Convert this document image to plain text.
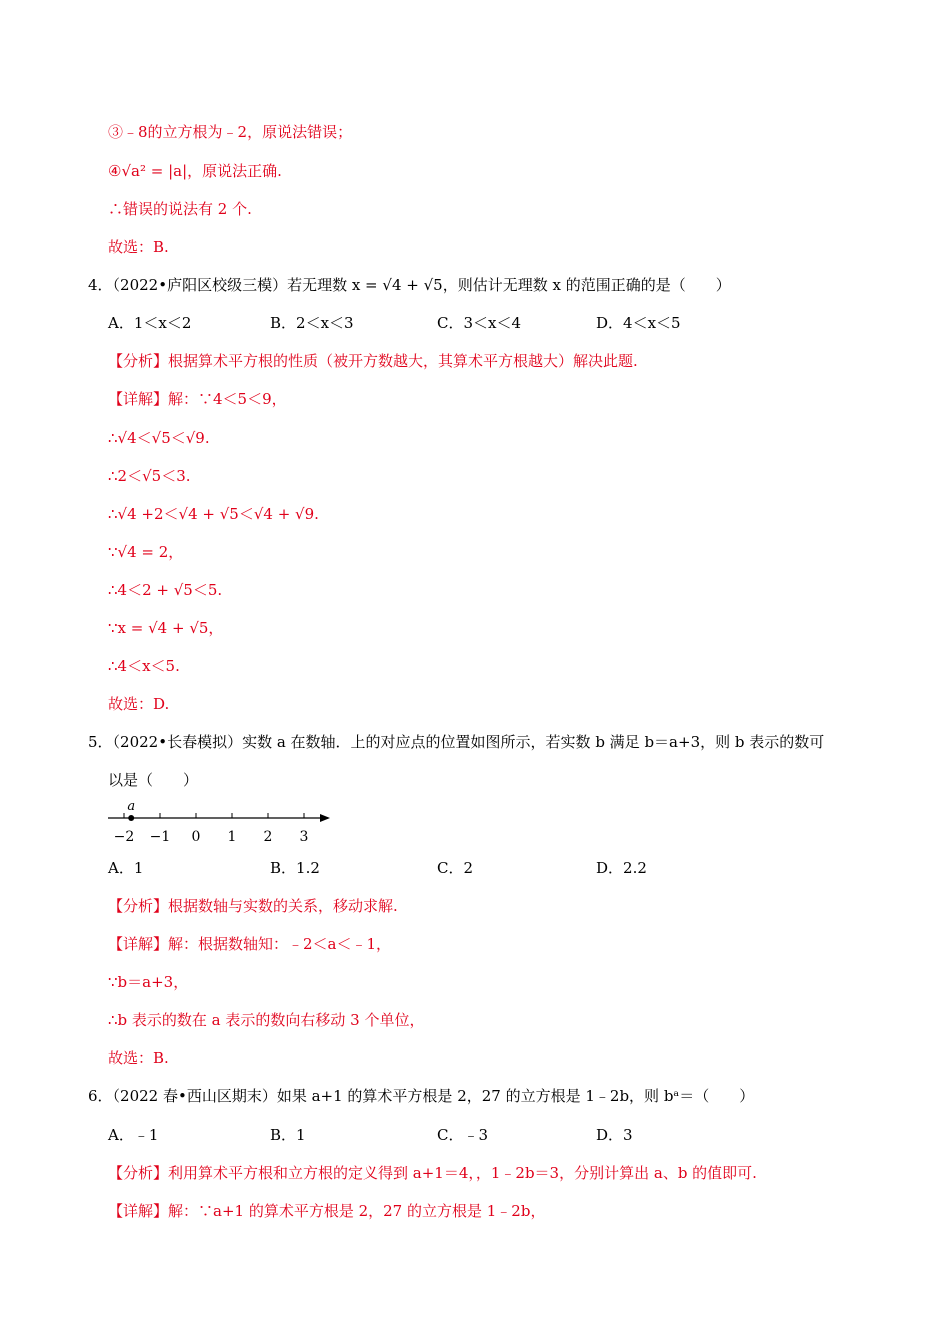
③﹣8的立方根为﹣2，原说法错误；
④√a² = |a|，原说法正确.
∴错误的说法有 2 个.
故选：B.
4．（2022•庐阳区校级三模）若无理数 x = √4 + √5，则估计无理数 x 的范围正确的是（　　）
A．1＜x＜2	B．2＜x＜3	C．3＜x＜4	D．4＜x＜5
【分析】根据算术平方根的性质（被开方数越大，其算术平方根越大）解决此题.
【详解】解：∵4＜5＜9，
∴√4＜√5＜√9.
∴2＜√5＜3.
∴√4 +2＜√4 + √5＜√4 + √9.
∵√4 = 2，
∴4＜2 + √5＜5.
∵x = √4 + √5，
∴4＜x＜5.
故选：D.
5．（2022•长春模拟）实数 a 在数轴．上的对应点的位置如图所示，若实数 b 满足 b＝a+3，则 b 表示的数可
以是（　　）
−2 −1 0 1 2 3
a
A．1	B．1.2	C．2	D．2.2
【分析】根据数轴与实数的关系，移动求解.
【详解】解：根据数轴知：﹣2＜a＜﹣1，
∵b＝a+3，
∴b 表示的数在 a 表示的数向右移动 3 个单位，
故选：B.
6．（2022 春•西山区期末）如果 a+1 的算术平方根是 2，27 的立方根是 1﹣2b，则 bᵃ＝（　　）
A．﹣1	B．1	C．﹣3	D．3
【分析】利用算术平方根和立方根的定义得到 a+1＝4，，1﹣2b＝3，分别计算出 a、b 的值即可.
【详解】解：∵a+1 的算术平方根是 2，27 的立方根是 1﹣2b，
